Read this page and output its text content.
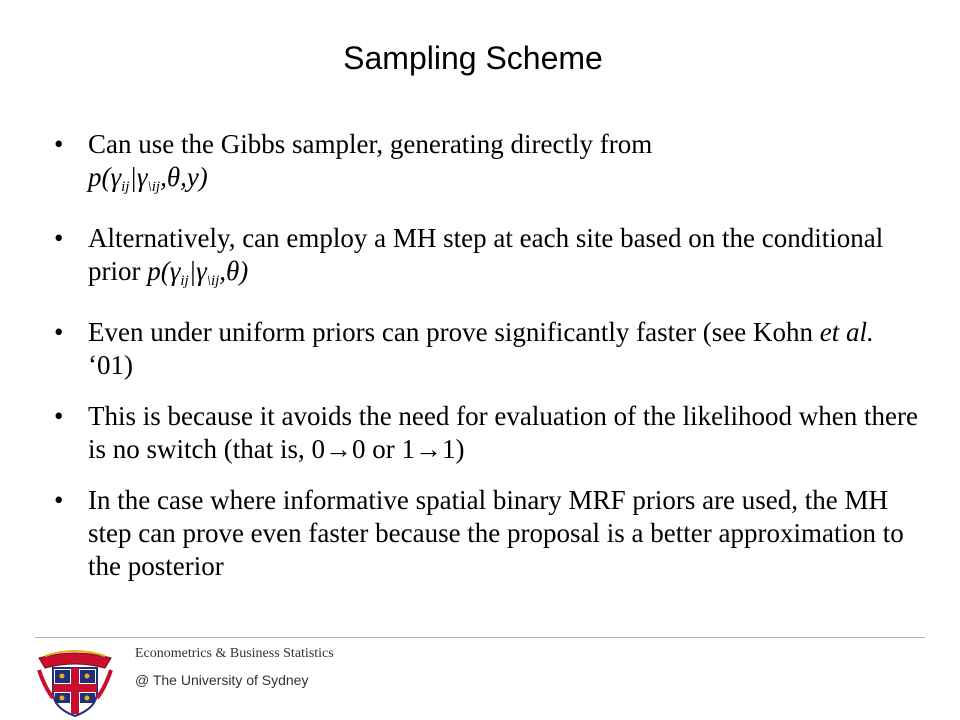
Sampling Scheme
• Can use the Gibbs sampler, generating directly from
$p(\gamma_{ij}|\gamma_{\backslash ij},\theta,y)$
• Alternatively, can employ a MH step at each site based on the conditional prior $p(\gamma_{ij}|\gamma_{\backslash ij},\theta)$
• Even under uniform priors can prove significantly faster (see Kohn et al. ‘01)
• This is because it avoids the need for evaluation of the likelihood when there is no switch (that is, 0→0 or 1→1)
• In the case where informative spatial binary MRF priors are used, the MH step can prove even faster because the proposal is a better approximation to the posterior
Econometrics & Business Statistics
@ The University of Sydney
